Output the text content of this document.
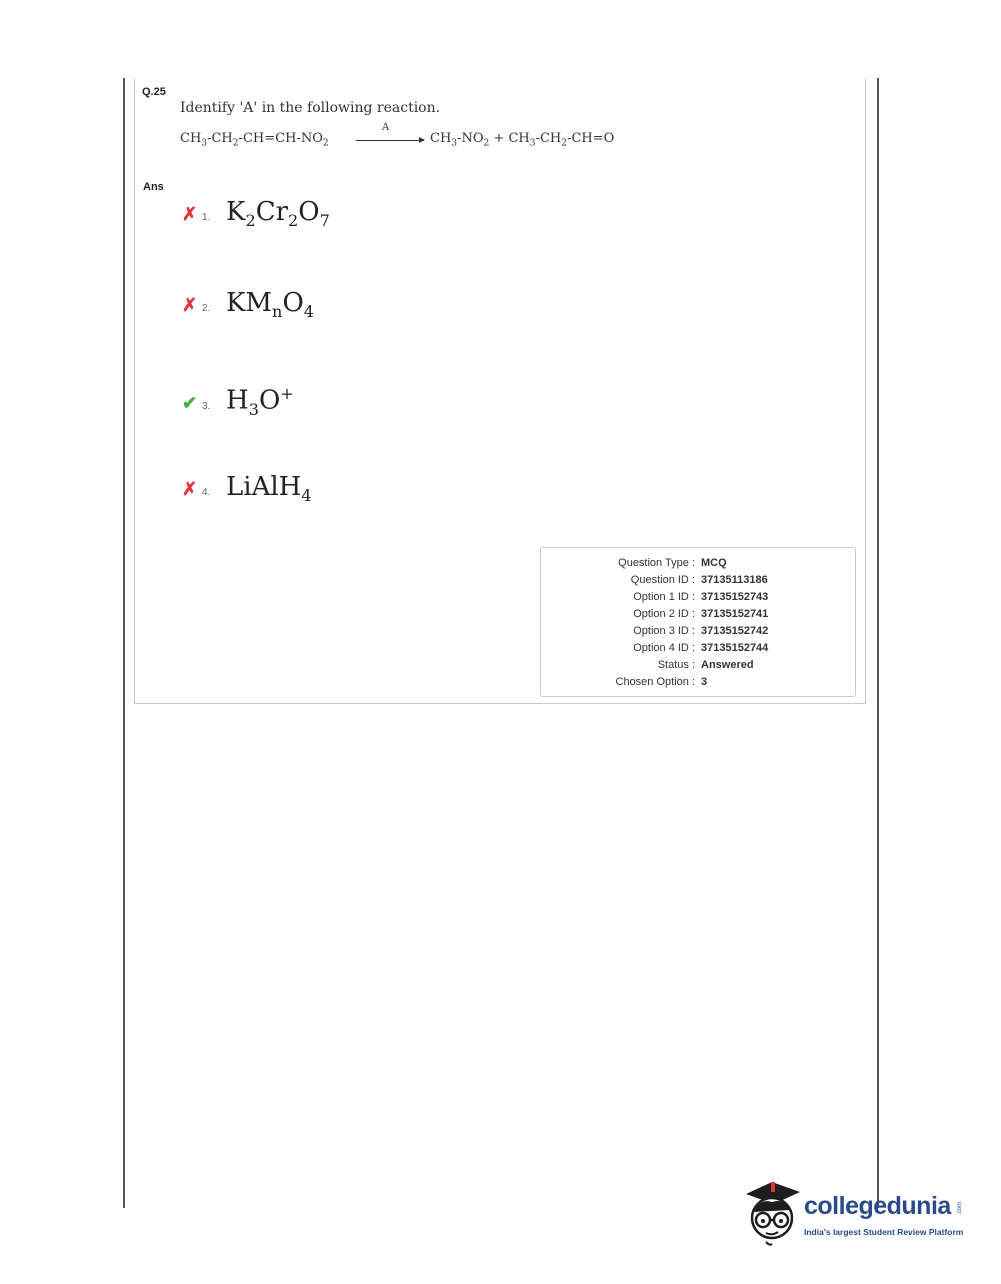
Q.25
Identify 'A' in the following reaction.
$CH_3-CH_2-CH=CH-NO_2$
A
$CH_3-NO_2 + CH_3-CH_2-CH=O$
Ans
✗ 1. $K_2Cr_2O_7$
✗ 2. $KM_nO_4$
✔ 3. $H_3O^+$
✗ 4. LiAlH$_4$
Question Type : MCQ
Question ID : 37135113186
Option 1 ID : 37135152743
Option 2 ID : 37135152741
Option 3 ID : 37135152742
Option 4 ID : 37135152744
Status : Answered
Chosen Option : 3
collegedunia .com
India's largest Student Review Platform
